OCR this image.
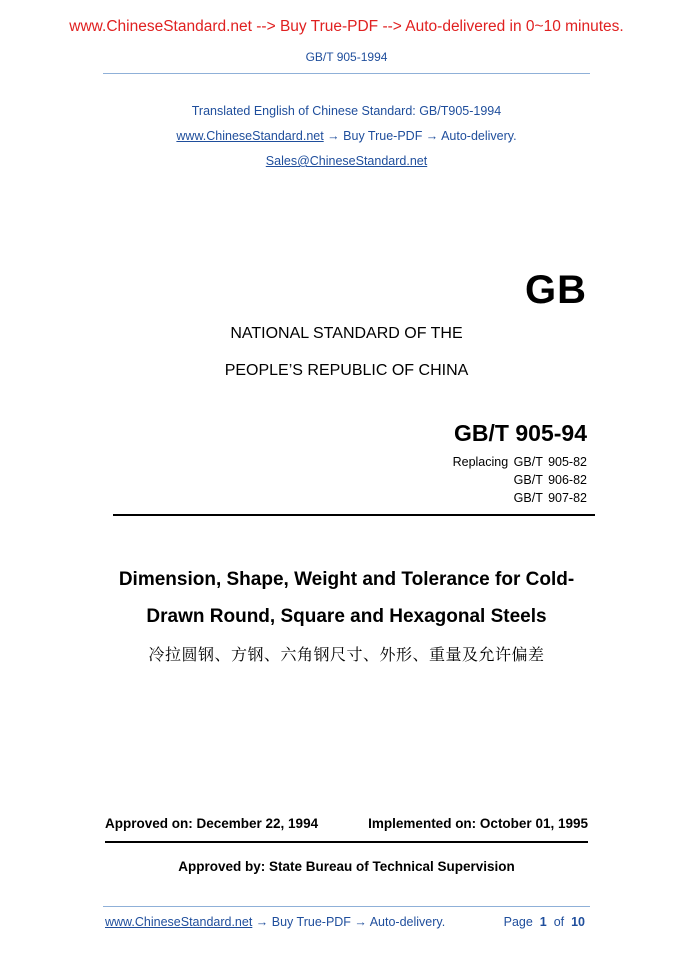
www.ChineseStandard.net --> Buy True-PDF --> Auto-delivered in 0~10 minutes.
GB/T 905-1994
Translated English of Chinese Standard: GB/T905-1994
www.ChineseStandard.net → Buy True-PDF → Auto-delivery.
Sales@ChineseStandard.net
GB
NATIONAL STANDARD OF THE
PEOPLE’S REPUBLIC OF CHINA
GB/T 905-94
Replacing GB/T 905-82
GB/T 906-82
GB/T 907-82
Dimension, Shape, Weight and Tolerance for Cold-
Drawn Round, Square and Hexagonal Steels
冷拉圆钢、方钢、六角钢尺寸、外形、重量及允许偏差
Approved on: December 22, 1994	Implemented on: October 01, 1995
Approved by: State Bureau of Technical Supervision
www.ChineseStandard.net → Buy True-PDF → Auto-delivery.	Page 1 of 10
